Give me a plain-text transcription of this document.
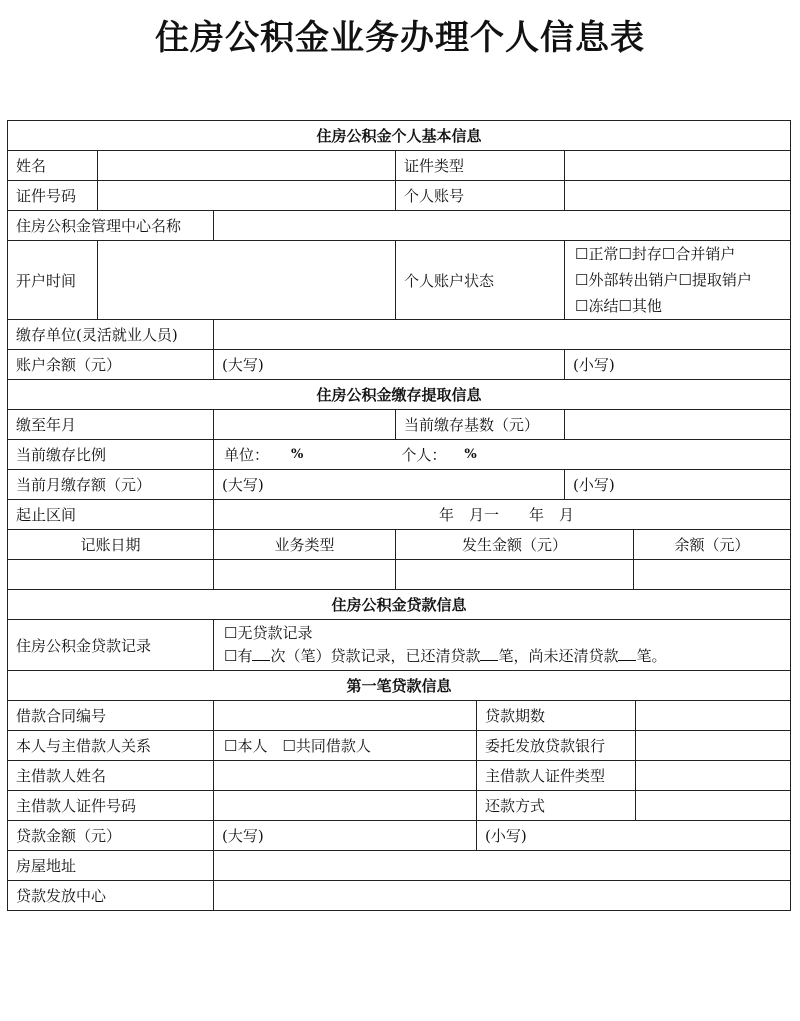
住房公积金业务办理个人信息表
住房公积金个人基本信息
姓名	证件类型
证件号码	个人账号
住房公积金管理中心名称
开户时间	个人账户状态
☐正常☐封存☐合并销户
☐外部转出销户☐提取销户
☐冻结☐其他
缴存单位(灵活就业人员)
账户余额（元）	(大写)	(小写)
住房公积金缴存提取信息
缴至年月	当前缴存基数（元）
当前缴存比例	单位： %	个人： %
当前月缴存额（元）	(大写)	(小写)
起止区间	年　月一　　年　月
记账日期	业务类型	发生金额（元）	余额（元）
住房公积金贷款信息
住房公积金贷款记录
☐无贷款记录
☐有 次（笔）贷款记录，已还清贷款 笔，尚未还清贷款 笔。
第一笔贷款信息
借款合同编号	贷款期数
本人与主借款人关系	☐本人　☐共同借款人	委托发放贷款银行
主借款人姓名	主借款人证件类型
主借款人证件号码	还款方式
贷款金额（元）	(大写)	(小写)
房屋地址
贷款发放中心
